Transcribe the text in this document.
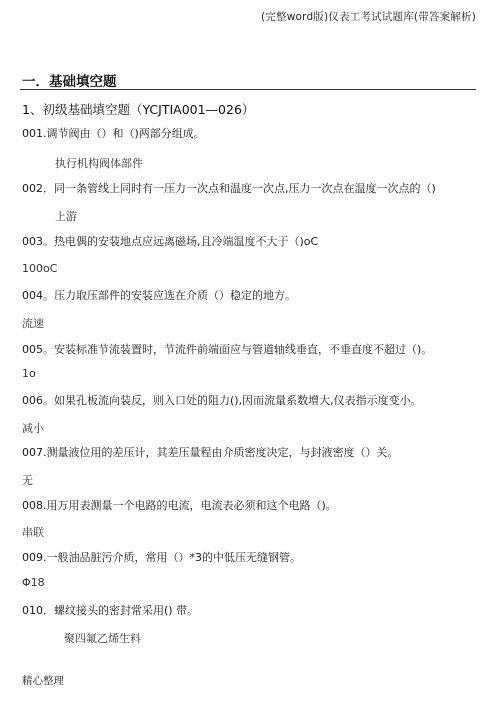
(完整word版)仪表工考试试题库(带答案解析)
一．基础填空题
1、初级基础填空题（YCJTIA001—026）
001.调节阀由（）和（)两部分组成。
执行机构阀体部件
002．同一条管线上同时有一压力一次点和温度一次点,压力一次点在温度一次点的（)
上游
003。热电偶的安装地点应远离磁场,且冷端温度不大于（)oC
100oC
004。压力取压部件的安装应选在介质（）稳定的地方。
流速
005。安装标准节流装置时，节流件前端面应与管道轴线垂直，不垂直度不超过（)。
1o
006。如果孔板流向装反，则入口处的阻力(),因而流量系数增大,仪表指示度变小。
减小
007.测量液位用的差压计，其差压量程由介质密度决定，与封液密度（）关。
无
008.用万用表测量一个电路的电流，电流表必须和这个电路（)。
串联
009.一般油品脏污介质，常用（）*3的中低压无缝钢管。
Φ18
010．螺纹接头的密封常采用() 带。
聚四氟乙烯生料
精心整理
